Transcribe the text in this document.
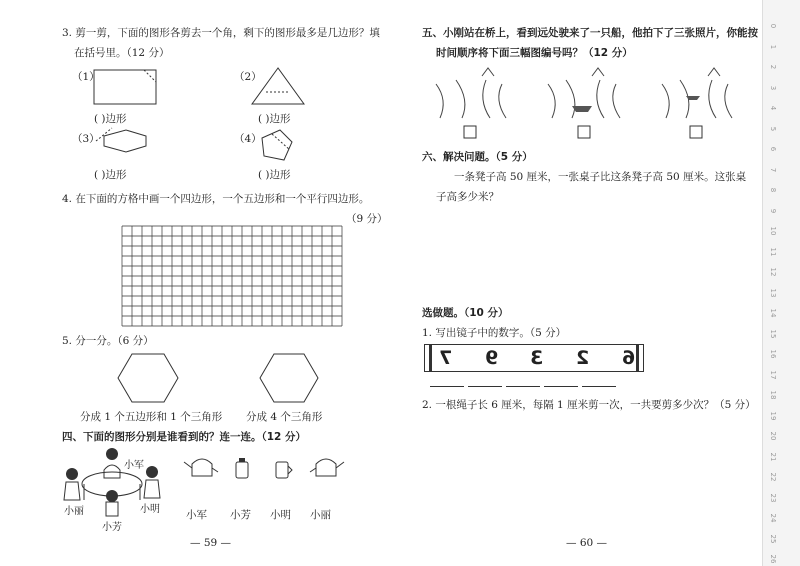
3. 剪一剪，下面的图形各剪去一个角，剩下的图形最多是几边形？填
在括号里。（12 分）
（1）	（2）
（3）	（4）
( )边形	( )边形
( )边形	( )边形
4. 在下面的方格中画一个四边形，一个五边形和一个平行四边形。
（9 分）
5. 分一分。（6 分）
分成 1 个五边形和 1 个三角形 分成 4 个三角形
四、下面的图形分别是谁看到的？连一连。（12 分）
小军
小丽	小明
小芳
小军 小芳 小明 小丽
— 59 —
五、小刚站在桥上，看到远处驶来了一只船，他拍下了三张照片，你能按
时间顺序将下面三幅图编号吗？（12 分）
六、解决问题。（5 分）
一条凳子高 50 厘米，一张桌子比这条凳子高 50 厘米。这张桌
子高多少米？
选做题。（10 分）
1. 写出镜子中的数字。（5 分）
7 9 3 2 6
2. 一根绳子长 6 厘米，每隔 1 厘米剪一次，一共要剪多少次？（5 分）
— 60 —
0
1
2
3
4
5
6
7
8
9
10
11
12
13
14
15
16
17
18
19
20
21
22
23
24
25
26
